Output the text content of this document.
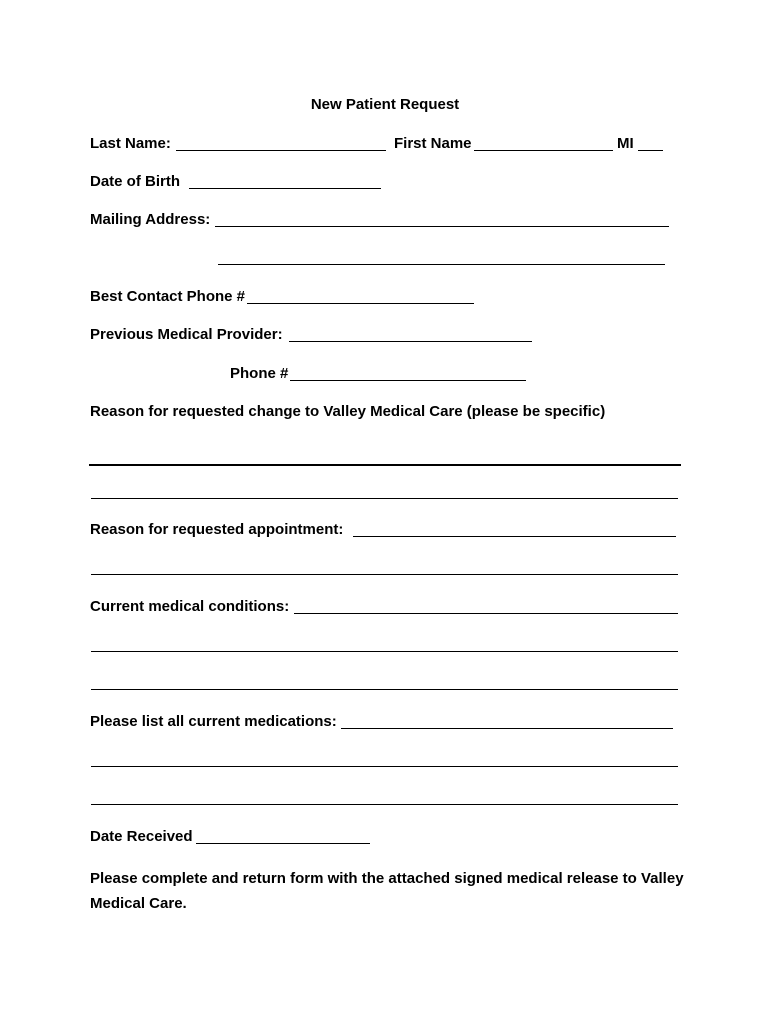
New Patient Request
Last Name:	First Name	MI
Date of Birth
Mailing Address:
Best Contact Phone #
Previous Medical Provider:
Phone #
Reason for requested change to Valley Medical Care (please be specific)
Reason for requested appointment:
Current medical conditions:
Please list all current medications:
Date Received
Please complete and return form with the attached signed medical release to Valley Medical Care.
